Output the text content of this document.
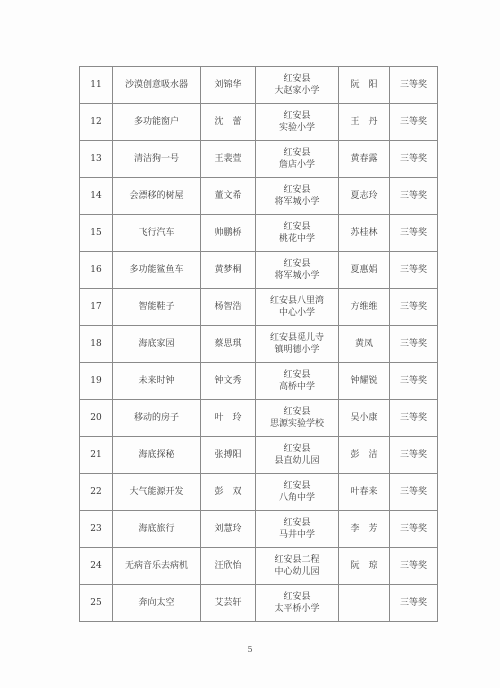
11	沙漠创意吸水器	刘锦华	红安县
大赵家小学	阮　阳	三等奖
12	多功能窗户	沈　蕾	红安县
实验小学	王　丹	三等奖
13	清洁狗一号	王裴萱	红安县
詹店小学	黄春露	三等奖
14	会漂移的树屋	董文希	红安县
将军城小学	夏志玲	三等奖
15	飞行汽车	帅鹏桥	红安县
桃花中学	苏桂林	三等奖
16	多功能鲨鱼车	黄梦桐	红安县
将军城小学	夏惠娟	三等奖
17	智能鞋子	杨智浩	红安县八里湾
中心小学	方维维	三等奖
18	海底家园	蔡思琪	红安县觅儿寺
镇明德小学	黄凤	三等奖
19	未来时钟	钟文秀	红安县
高桥中学	钟耀锐	三等奖
20	移动的房子	叶　玲	红安县
思源实验学校	吴小康	三等奖
21	海底探秘	张搏阳	红安县
县直幼儿园	彭　洁	三等奖
22	大气能源开发	彭　双	红安县
八角中学	叶春来	三等奖
23	海底旅行	刘慧玲	红安县
马井中学	李　芳	三等奖
24	无病音乐去病机	汪欣怡	红安县二程
中心幼儿园	阮　琼	三等奖
25	奔向太空	艾芸轩	红安县
太平桥小学		三等奖
5
